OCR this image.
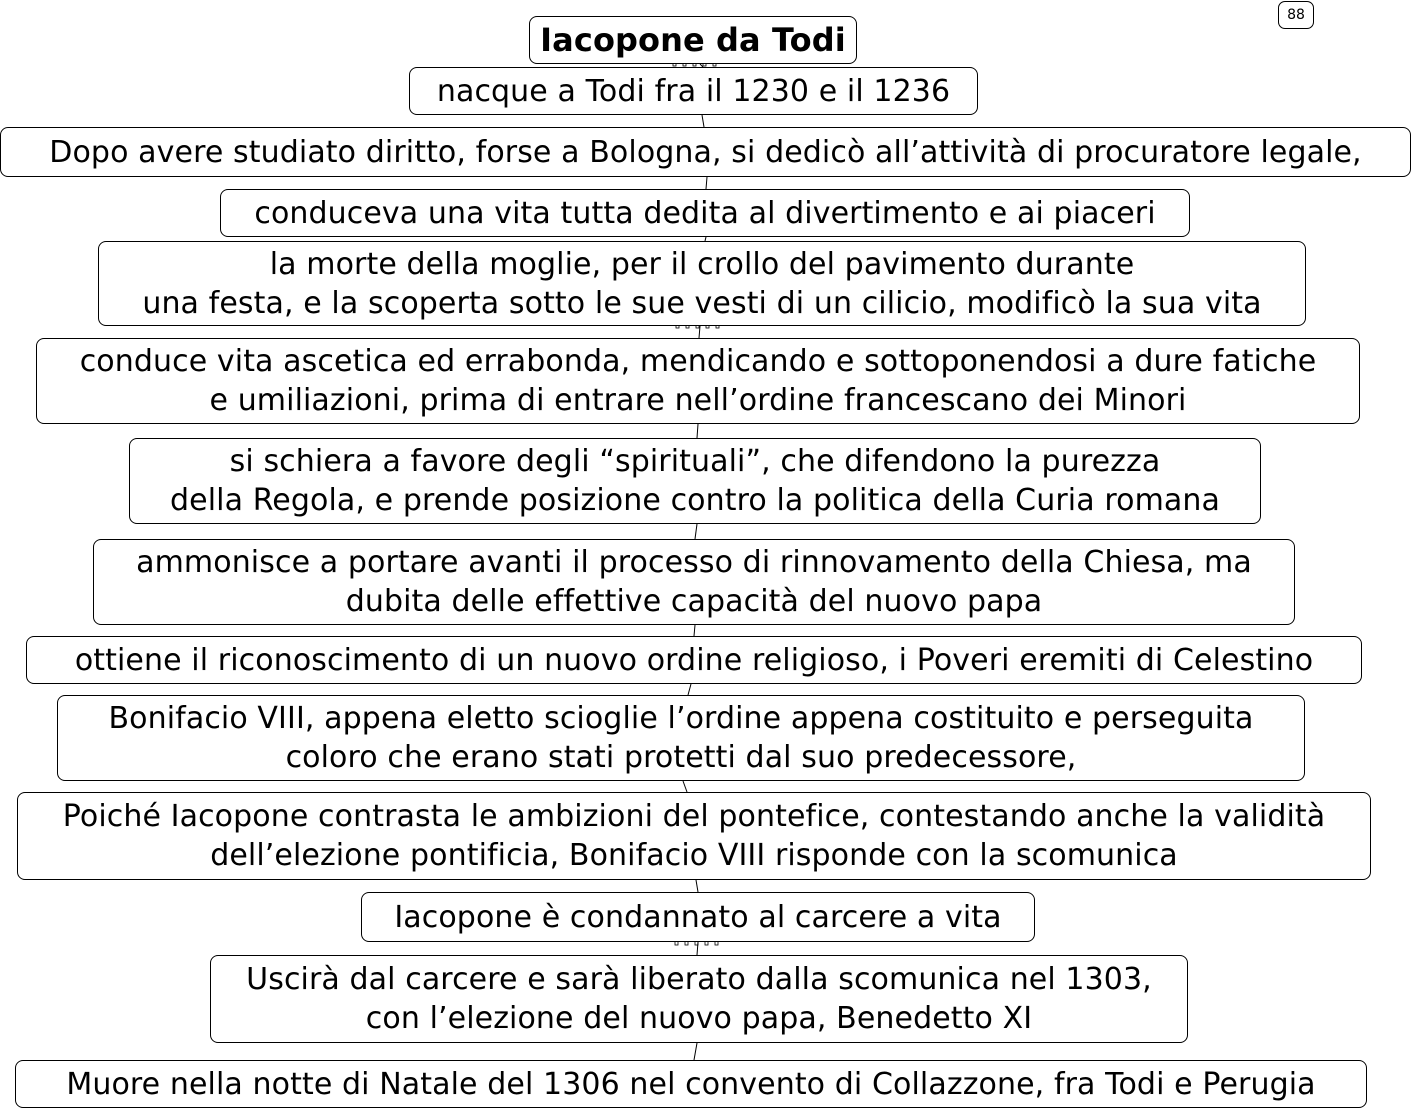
88
Iacopone da Todi
nacque a Todi fra il 1230 e il 1236
Dopo avere studiato diritto, forse a Bologna, si dedicò all’attività di procuratore legale,
conduceva una vita tutta dedita al divertimento e ai piaceri
la morte della moglie, per il crollo del pavimento durante
una festa, e la scoperta sotto le sue vesti di un cilicio, modificò la sua vita
conduce vita ascetica ed errabonda, mendicando e sottoponendosi a dure fatiche
e umiliazioni, prima di entrare nell’ordine francescano dei Minori
si schiera a favore degli “spirituali”, che difendono la purezza
della Regola, e prende posizione contro la politica della Curia romana
ammonisce a portare avanti il processo di rinnovamento della Chiesa, ma
dubita delle effettive capacità del nuovo papa
ottiene il riconoscimento di un nuovo ordine religioso, i Poveri eremiti di Celestino
Bonifacio VIII, appena eletto scioglie l’ordine appena costituito e perseguita
coloro che erano stati protetti dal suo predecessore,
Poiché Iacopone contrasta le ambizioni del pontefice, contestando anche la validità
dell’elezione pontificia, Bonifacio VIII risponde con la scomunica
Iacopone è condannato al carcere a vita
Uscirà dal carcere e sarà liberato dalla scomunica nel 1303,
con l’elezione del nuovo papa, Benedetto XI
Muore nella notte di Natale del 1306 nel convento di Collazzone, fra Todi e Perugia
